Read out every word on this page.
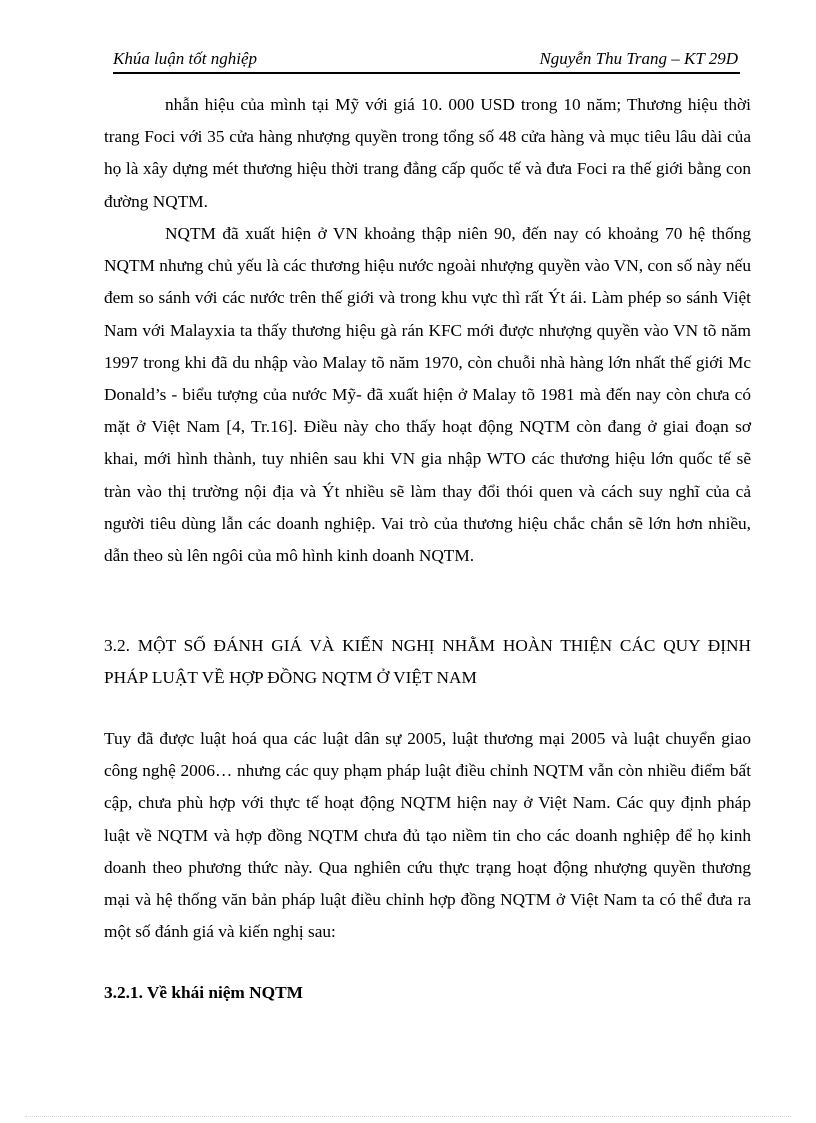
Khúa luận tốt nghiệp	Nguyễn Thu Trang – KT 29D
nhẫn hiệu của mình tại Mỹ với giá 10. 000 USD trong 10 năm; Thương hiệu thời trang Foci với 35 cửa hàng nhượng quyền trong tổng số 48 cửa hàng và mục tiêu lâu dài của họ là xây dựng mét thương hiệu thời trang đẳng cấp quốc tế và đưa Foci ra thế giới bằng con đường NQTM.
NQTM đã xuất hiện ở VN khoảng thập niên 90, đến nay có khoảng 70 hệ thống NQTM nhưng chủ yếu là các thương hiệu nước ngoài nhượng quyền vào VN, con số này nếu đem so sánh với các nước trên thế giới và trong khu vực thì rất Ýt ái. Làm phép so sánh Việt Nam với Malayxia ta thấy thương hiệu gà rán KFC mới được nhượng quyền vào VN tõ năm 1997 trong khi đã du nhập vào Malay tõ năm 1970, còn chuỗi nhà hàng lớn nhất thế giới Mc Donald’s - biểu tượng của nước Mỹ- đã xuất hiện ở Malay tõ 1981 mà đến nay còn chưa có mặt ở Việt Nam [4, Tr.16]. Điều này cho thấy hoạt động NQTM còn đang ở giai đoạn sơ khai, mới hình thành, tuy nhiên sau khi VN gia nhập WTO các thương hiệu lớn quốc tế sẽ tràn vào thị trường nội địa và Ýt nhiều sẽ làm thay đổi thói quen và cách suy nghĩ của cả người tiêu dùng lẫn các doanh nghiệp. Vai trò của thương hiệu chắc chắn sẽ lớn hơn nhiều, dẫn theo sù lên ngôi của mô hình kinh doanh NQTM.
3.2. MỘT SỐ ĐÁNH GIÁ VÀ KIẾN NGHỊ NHẰM HOÀN THIỆN CÁC QUY ĐỊNH PHÁP LUẬT VỀ HỢP ĐỒNG NQTM Ở VIỆT NAM
Tuy đã được luật hoá qua các luật dân sự 2005, luật thương mại 2005 và luật chuyển giao công nghệ 2006… nhưng các quy phạm pháp luật điều chỉnh NQTM vẫn còn nhiều điểm bất cập, chưa phù hợp với thực tế hoạt động NQTM hiện nay ở Việt Nam. Các quy định pháp luật về NQTM và hợp đồng NQTM chưa đủ tạo niềm tin cho các doanh nghiệp để họ kinh doanh theo phương thức này. Qua nghiên cứu thực trạng hoạt động nhượng quyền thương mại và hệ thống văn bản pháp luật điều chỉnh hợp đồng NQTM ở Việt Nam ta có thể đưa ra một số đánh giá và kiến nghị sau:
3.2.1. Về khái niệm NQTM
